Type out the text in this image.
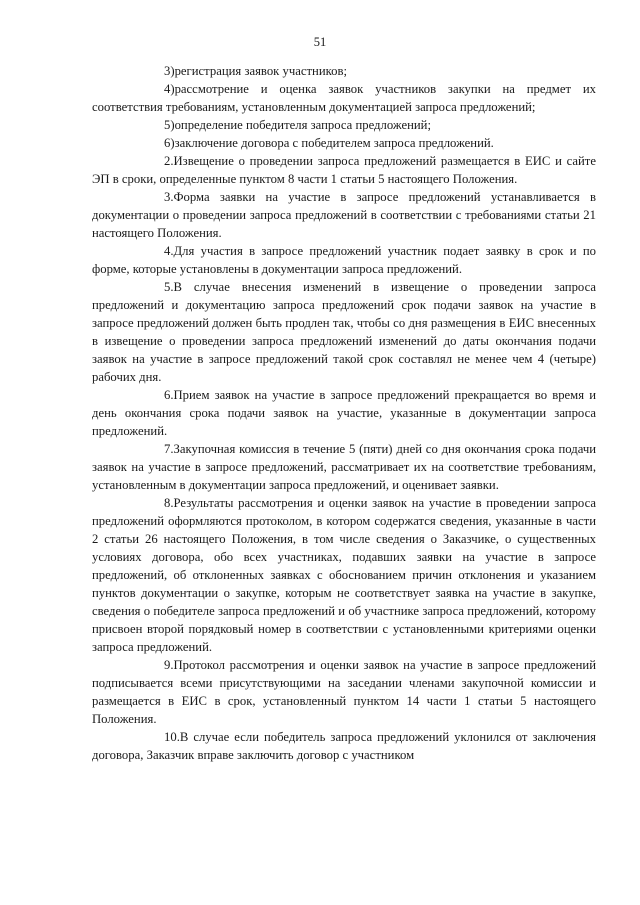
51

3)регистрация заявок участников;

4)рассмотрение и оценка заявок участников закупки на предмет их соответствия требованиям, установленным документацией запроса предложений;

5)определение победителя запроса предложений;

6)заключение договора с победителем запроса предложений.

2.Извещение о проведении запроса предложений размещается в ЕИС и сайте ЭП в сроки, определенные пунктом 8 части 1 статьи 5 настоящего Положения.

3.Форма заявки на участие в запросе предложений устанавливается в документации о проведении запроса предложений в соответствии с требованиями статьи 21 настоящего Положения.

4.Для участия в запросе предложений участник подает заявку в срок и по форме, которые установлены в документации запроса предложений.

5.В случае внесения изменений в извещение о проведении запроса предложений и документацию запроса предложений срок подачи заявок на участие в запросе предложений должен быть продлен так, чтобы со дня размещения в ЕИС внесенных в извещение о проведении запроса предложений изменений до даты окончания подачи заявок на участие в запросе предложений такой срок составлял не менее чем 4 (четыре) рабочих дня.

6.Прием заявок на участие в запросе предложений прекращается во время и день окончания срока подачи заявок на участие, указанные в документации запроса предложений.

7.Закупочная комиссия в течение 5 (пяти) дней со дня окончания срока подачи заявок на участие в запросе предложений, рассматривает их на соответствие требованиям, установленным в документации запроса предложений, и оценивает заявки.

8.Результаты рассмотрения и оценки заявок на участие в проведении запроса предложений оформляются протоколом, в котором содержатся сведения, указанные в части 2 статьи 26 настоящего Положения, в том числе сведения о Заказчике, о существенных условиях договора, обо всех участниках, подавших заявки на участие в запросе предложений, об отклоненных заявках с обоснованием причин отклонения и указанием пунктов документации о закупке, которым не соответствует заявка на участие в закупке, сведения о победителе запроса предложений и об участнике запроса предложений, которому присвоен второй порядковый номер в соответствии с установленными критериями оценки запроса предложений.

9.Протокол рассмотрения и оценки заявок на участие в запросе предложений подписывается всеми присутствующими на заседании членами закупочной комиссии и размещается в ЕИС в срок, установленный пунктом 14 части 1 статьи 5 настоящего Положения.

10.В случае если победитель запроса предложений уклонился от заключения договора, Заказчик вправе заключить договор с участником
